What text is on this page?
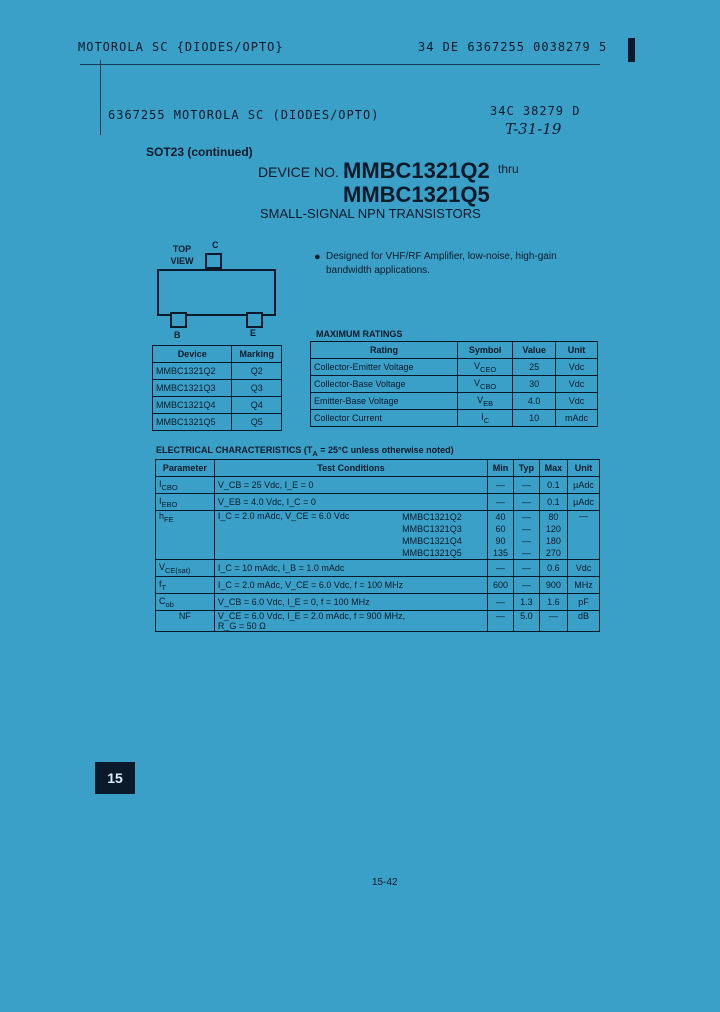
MOTOROLA SC {DIODES/OPTO}	34 DE 6367255 0038279 5
6367255 MOTOROLA SC (DIODES/OPTO)	34C 38279 D
T-31-19
SOT23 (continued)
DEVICE NO. MMBC1321Q2 thru
MMBC1321Q5
SMALL-SIGNAL NPN TRANSISTORS
TOP VIEW
C
B	E
● Designed for VHF/RF Amplifier, low-noise, high-gain bandwidth applications.
Device	Marking
MMBC1321Q2	Q2
MMBC1321Q3	Q3
MMBC1321Q4	Q4
MMBC1321Q5	Q5
MAXIMUM RATINGS
Rating	Symbol	Value	Unit
Collector-Emitter Voltage	$V_{CEO}$	25	Vdc
Collector-Base Voltage	$V_{CBO}$	30	Vdc
Emitter-Base Voltage	$V_{EB}$	4.0	Vdc
Collector Current	$I_C$	10	mAdc
ELECTRICAL CHARACTERISTICS ($T_A = 25^\circ C$ unless otherwise noted)
Parameter	Test Conditions		Min	Typ	Max	Unit
$I_{CBO}$	V_CB = 25 Vdc, I_E = 0		—	—	0.1	µAdc
$I_{EBO}$	V_EB = 4.0 Vdc, I_C = 0		—	—	0.1	µAdc
$h_{FE}$	I_C = 2.0 mAdc, V_CE = 6.0 Vdc	MMBC1321Q2	40	—	80	—
		MMBC1321Q3	60	—	120	
		MMBC1321Q4	90	—	180	
		MMBC1321Q5	135	—	270	
$V_{CE(sat)}$	I_C = 10 mAdc, I_B = 1.0 mAdc		—	—	0.6	Vdc
$f_T$	I_C = 2.0 mAdc, V_CE = 6.0 Vdc, f = 100 MHz		600	—	900	MHz
$C_{ob}$	V_CB = 6.0 Vdc, I_E = 0, f = 100 MHz		—	1.3	1.6	pF
NF	V_CE = 6.0 Vdc, I_E = 2.0 mAdc, f = 900 MHz,
R_G = 50 Ω		—	5.0	—	dB
15
15-42
